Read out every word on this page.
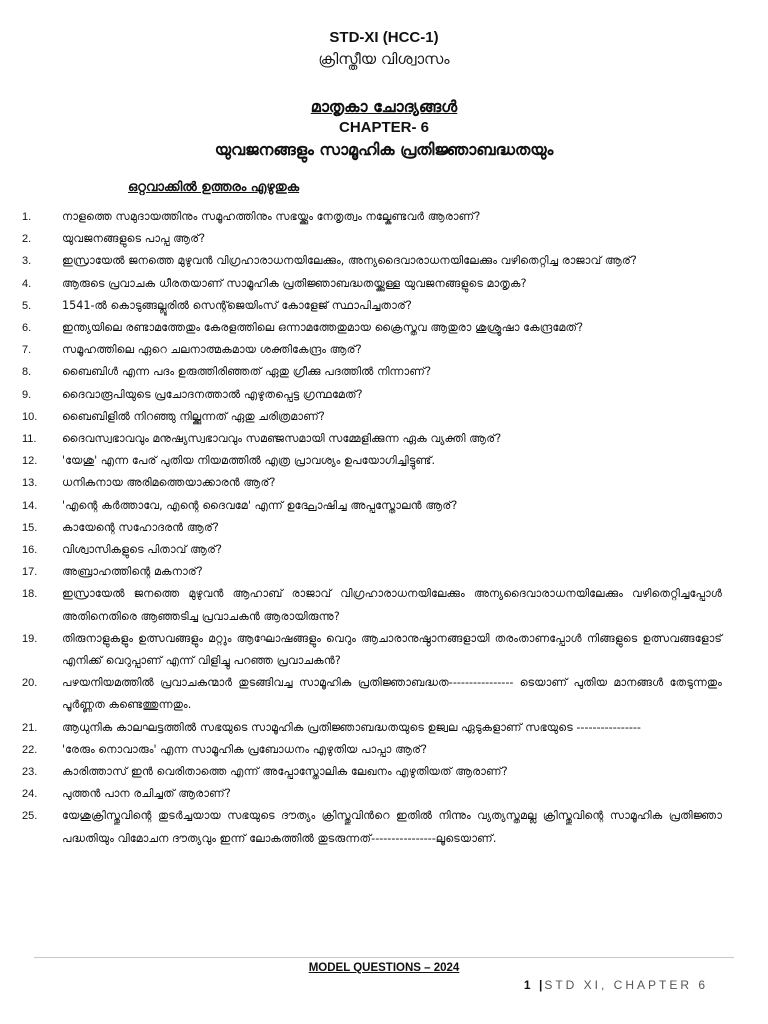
STD-XI (HCC-1)
ക്രിസ്തീയ വിശ്വാസം
മാതൃകാ ചോദ്യങ്ങൾ
CHAPTER- 6
യുവജനങ്ങളും സാമൂഹിക പ്രതിജ്ഞാബദ്ധതയും
ഒറ്റവാക്കിൽ ഉത്തരം എഴുതുക
1.	നാളത്തെ സമുദായത്തിനും സമൂഹത്തിനും സഭയ്ക്കും നേതൃത്വം നല്കേണ്ടവർ ആരാണ്?
2.	യുവജനങ്ങളുടെ പാപ്പ ആര്?
3.	ഇസ്രായേൽ ജനത്തെ മുഴുവൻ വിഗ്രഹാരാധനയിലേക്കും, അന്യദൈവാരാധനയിലേക്കും വഴിതെറ്റിച്ച രാജാവ് ആര്?
4.	ആരുടെ പ്രവാചക ധീരതയാണ് സാമൂഹിക പ്രതിജ്ഞാബദ്ധതയ്ക്കുള്ള യുവജനങ്ങളുടെ മാതൃക?
5.	1541-ൽ കൊടുങ്ങല്ലൂരിൽ സെന്റ്ജെയിംസ് കോളേജ് സ്ഥാപിച്ചതാര്?
6.	ഇന്ത്യയിലെ രണ്ടാമത്തേതും കേരളത്തിലെ ഒന്നാമത്തേതുമായ ക്രൈസ്തവ ആതുരാ ശുശ്രൂഷാ കേന്ദ്രമേത്?
7.	സമൂഹത്തിലെ ഏറെ ചലനാത്മകമായ ശക്തികേന്ദ്രം ആര്?
8.	ബൈബിൾ എന്ന പദം ഉരുത്തിരിഞ്ഞത് ഏതു ഗ്രീക്കു പദത്തിൽ നിന്നാണ്?
9.	ദൈവാരൂപിയുടെ പ്രചോദനത്താൽ എഴുതപ്പെട്ട ഗ്രന്ഥമേത്?
10.	ബൈബിളിൽ നിറഞ്ഞു നില്ക്കുന്നത് ഏതു ചരിത്രമാണ്?
11.	ദൈവസ്വഭാവവും മനുഷ്യസ്വഭാവവും സമഞ്ജസമായി സമ്മേളിക്കുന്ന ഏക വ്യക്തി ആര്?
12.	'യേശു' എന്ന പേര് പുതിയ നിയമത്തിൽ എത്ര പ്രാവശ്യം ഉപയോഗിച്ചിട്ടുണ്ട്.
13.	ധനികനായ അരിമത്തെയാക്കാരൻ ആര്?
14.	'എന്റെ കർത്താവേ, എന്റെ ദൈവമേ' എന്ന് ഉദ്ഘോഷിച്ച അപ്പസ്തോലൻ ആര്?
15.	കായേന്റെ സഹോദരൻ ആര്?
16.	വിശ്വാസികളുടെ പിതാവ് ആര്?
17.	അബ്രാഹത്തിന്റെ മകനാര്?
18.	ഇസ്രായേൽ ജനത്തെ മുഴുവൻ ആഹാബ് രാജാവ് വിഗ്രഹാരാധനയിലേക്കും അന്യദൈവാരാധനയിലേക്കും വഴിതെറ്റിച്ചപ്പോൾ അതിനെതിരെ ആഞ്ഞടിച്ച പ്രവാചകൻ ആരായിരുന്നു?
19.	തിരുനാളുകളും ഉത്സവങ്ങളും മറ്റും ആഘോഷങ്ങളും വെറും ആചാരാനുഷ്ഠാനങ്ങളായി തരംതാണപ്പോൾ നിങ്ങളുടെ ഉത്സവങ്ങളോട് എനിക്ക് വെറുപ്പാണ് എന്ന് വിളിച്ചു പറഞ്ഞ പ്രവാചകൻ?
20.	പഴയനിയമത്തിൽ പ്രവാചകന്മാർ തുടങ്ങിവച്ച സാമൂഹിക പ്രതിജ്ഞാബദ്ധത---------------- ടെയാണ് പുതിയ മാനങ്ങൾ തേടുന്നതും പൂർണ്ണത കണ്ടെത്തുന്നതും.
21.	ആധുനിക കാലഘട്ടത്തിൽ സഭയുടെ സാമൂഹിക പ്രതിജ്ഞാബദ്ധതയുടെ ഉജ്വല ഏടുകളാണ് സഭയുടെ ----------------
22.	'രേരും നൊവാരും' എന്ന സാമൂഹിക പ്രബോധനം എഴുതിയ പാപ്പാ ആര്?
23.	കാരിത്താസ് ഇൻ വെരിതാത്തെ എന്ന് അപ്പോസ്തോലിക ലേഖനം എഴുതിയത് ആരാണ്?
24.	പുത്തൻ പാന രചിച്ചത് ആരാണ്?
25.	യേശുക്രിസ്തുവിന്റെ തുടർച്ചയായ സഭയുടെ ദൗത്യം ക്രിസ്തുവിൻറെ ഇതിൽ നിന്നും വ്യത്യസ്തമല്ല ക്രിസ്തുവിന്റെ സാമൂഹിക പ്രതിജ്ഞാ പദ്ധതിയും വിമോചന ദൗത്യവും ഇന്ന് ലോകത്തിൽ തുടരുന്നത്----------------ലൂടെയാണ്.
MODEL QUESTIONS – 2024
1 |STD XI, CHAPTER 6
